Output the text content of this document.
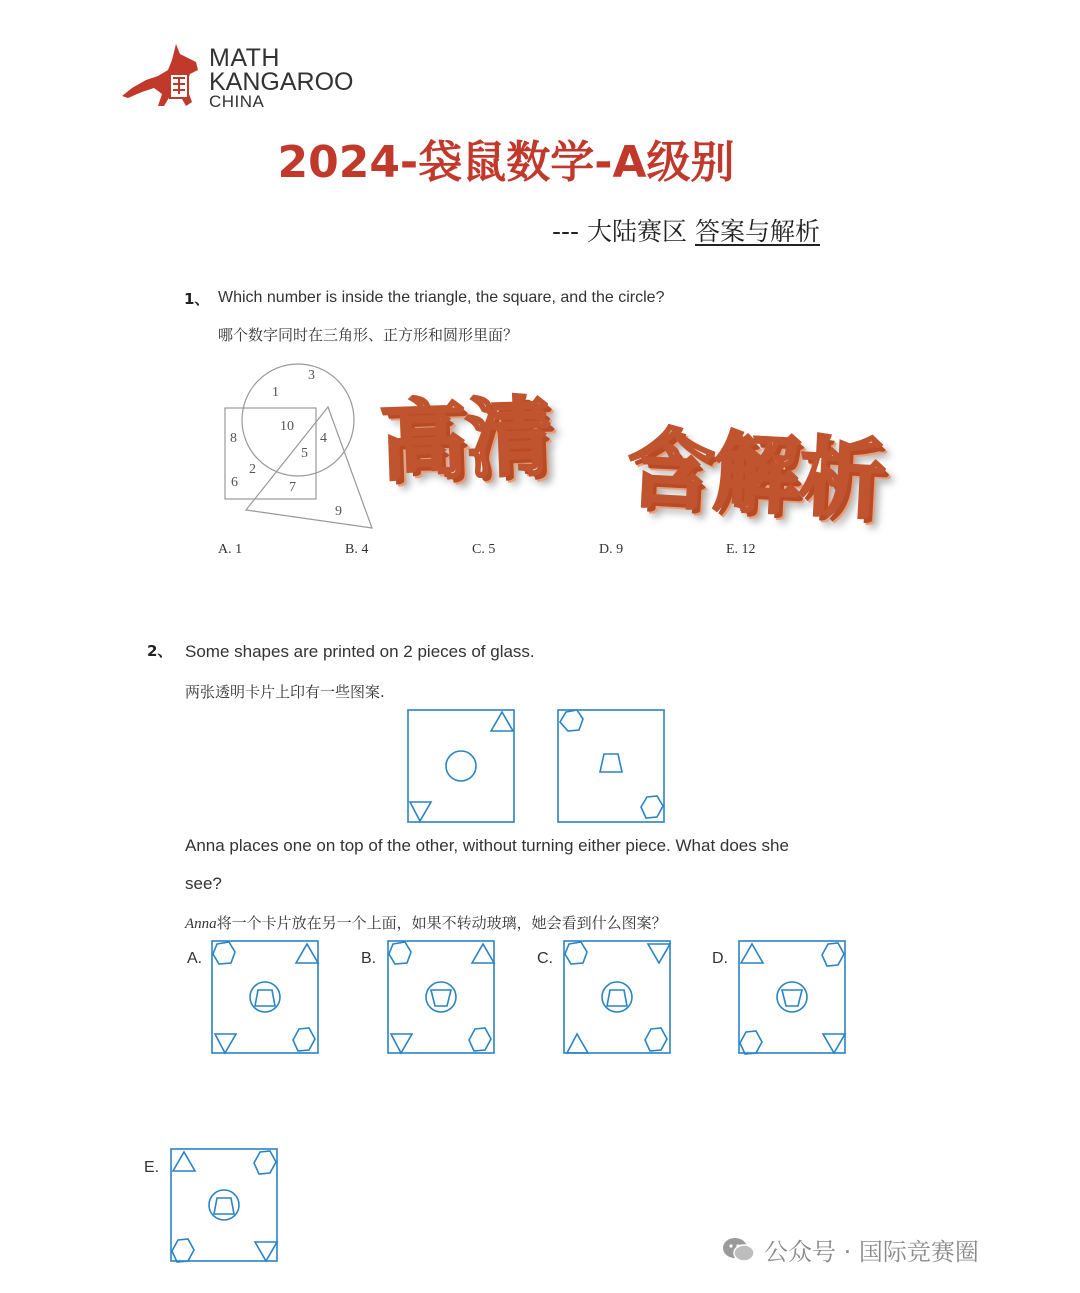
MATH
KANGAROO
CHINA
2024-袋鼠数学-A级别
--- 大陆赛区 答案与解析
1、 Which number is inside the triangle, the square, and the circle?
哪个数字同时在三角形、正方形和圆形里面？
3
1
10
4
8
5
2
6	7
9
A. 1	B. 4	C. 5	D. 9	E. 12
高清 含解析
2、 Some shapes are printed on 2 pieces of glass.
两张透明卡片上印有一些图案.
Anna places one on top of the other, without turning either piece. What does she
see?
Anna将一个卡片放在另一个上面，如果不转动玻璃，她会看到什么图案？
A.	B.	C.	D.
E.
公众号 · 国际竞赛圈
